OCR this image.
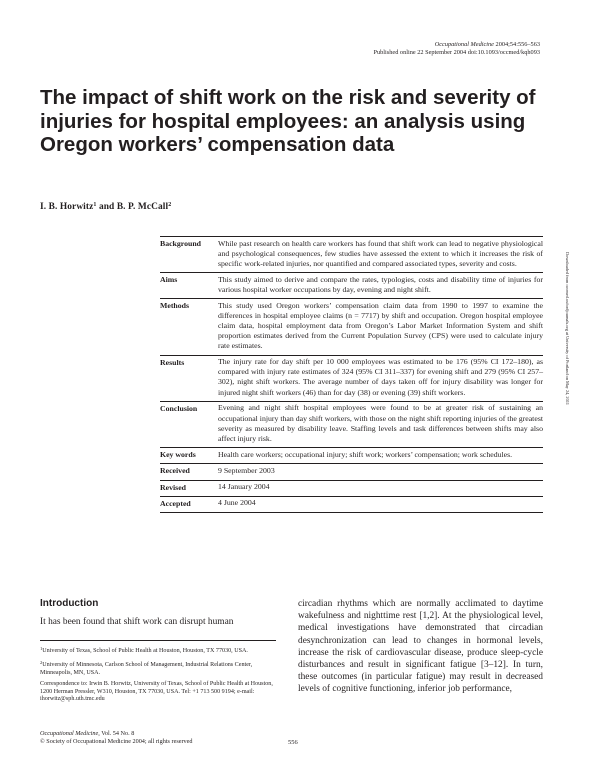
Occupational Medicine 2004;54:556–563
Published online 22 September 2004 doi:10.1093/occmed/kqh093
The impact of shift work on the risk and severity of injuries for hospital employees: an analysis using Oregon workers’ compensation data
I. B. Horwitz$^1$ and B. P. McCall$^2$
Background	While past research on health care workers has found that shift work can lead to negative physiological and psychological consequences, few studies have assessed the extent to which it increases the risk of specific work-related injuries, nor quantified and compared associated types, severity and costs.
Aims	This study aimed to derive and compare the rates, typologies, costs and disability time of injuries for various hospital worker occupations by day, evening and night shift.
Methods	This study used Oregon workers’ compensation claim data from 1990 to 1997 to examine the differences in hospital employee claims (n = 7717) by shift and occupation. Oregon hospital employee claim data, hospital employment data from Oregon’s Labor Market Information System and shift proportion estimates derived from the Current Population Survey (CPS) were used to calculate injury rate estimates.
Results	The injury rate for day shift per 10 000 employees was estimated to be 176 (95% CI 172–180), as compared with injury rate estimates of 324 (95% CI 311–337) for evening shift and 279 (95% CI 257–302), night shift workers. The average number of days taken off for injury disability was longer for injured night shift workers (46) than for day (38) or evening (39) shift workers.
Conclusion	Evening and night shift hospital employees were found to be at greater risk of sustaining an occupational injury than day shift workers, with those on the night shift reporting injuries of the greatest severity as measured by disability leave. Staffing levels and task differences between shifts may also affect injury risk.
Key words	Health care workers; occupational injury; shift work; workers’ compensation; work schedules.
Received	9 September 2003
Revised	14 January 2004
Accepted	4 June 2004
Downloaded from occmed.oxfordjournals.org at University of Portland on May 24, 2011
Introduction

It has been found that shift work can disrupt human

circadian rhythms which are normally acclimated to daytime wakefulness and nighttime rest [1,2]. At the physiological level, medical investigations have demonstrated that circadian desynchronization can lead to changes in hormonal levels, increase the risk of cardiovascular disease, produce sleep-cycle disturbances and result in significant fatigue [3–12]. In turn, these outcomes (in particular fatigue) may result in decreased levels of cognitive functioning, inferior job performance,

$^1$University of Texas, School of Public Health at Houston, Houston, TX 77030, USA.

$^2$University of Minnesota, Carlson School of Management, Industrial Relations Center, Minneapolis, MN, USA.

Correspondence to: Irwin B. Horwitz, University of Texas, School of Public Health at Houston, 1200 Herman Pressler, W310, Houston, TX 77030, USA. Tel: +1 713 500 9194; e-mail: ihorwitz@sph.uth.tmc.edu

Occupational Medicine, Vol. 54 No. 8
© Society of Occupational Medicine 2004; all rights reserved	556
